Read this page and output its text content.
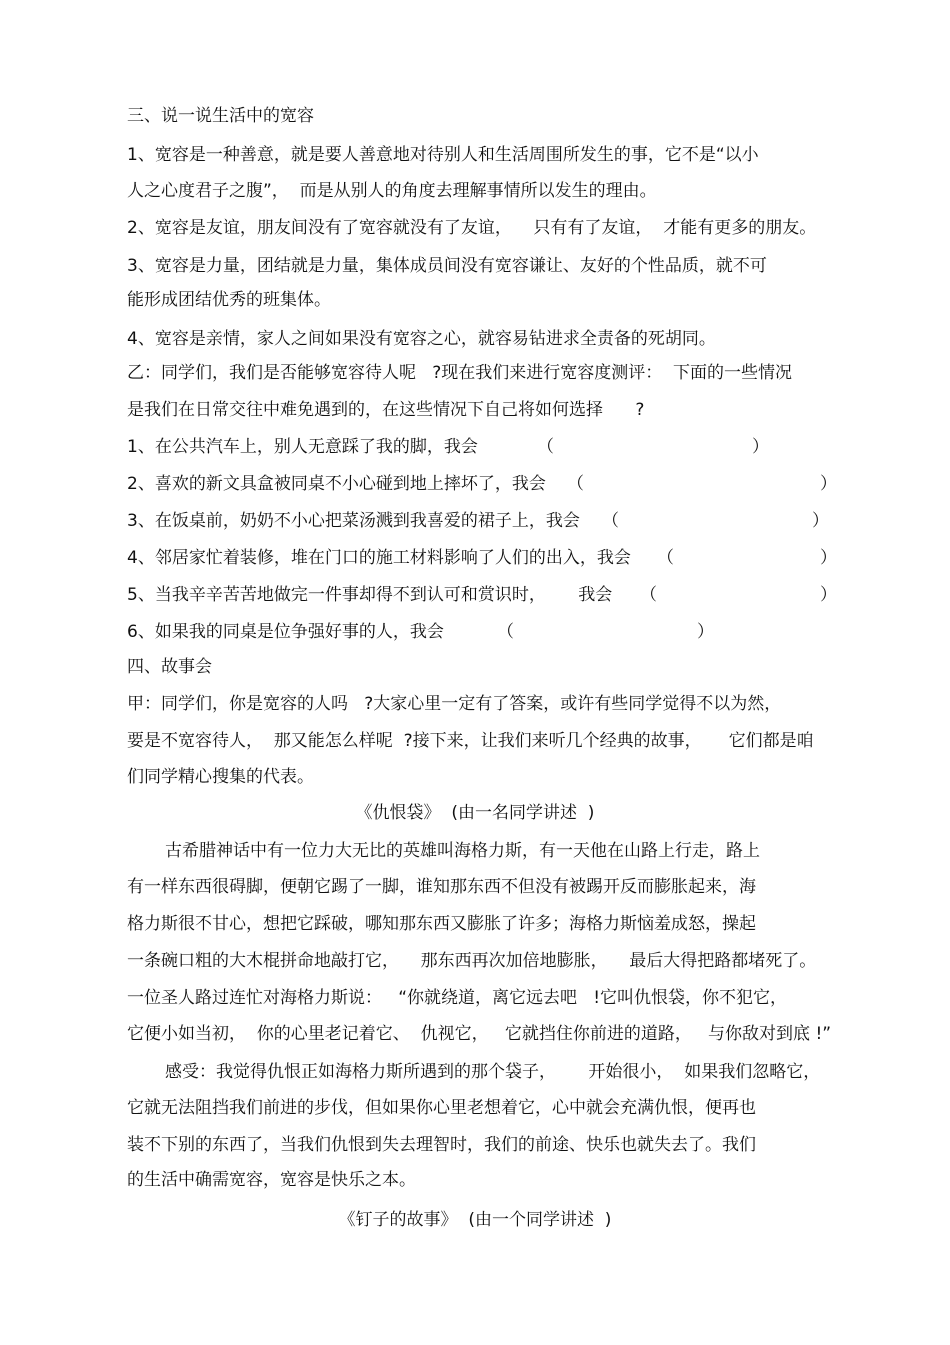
三、说一说生活中的宽容
1、宽容是一种善意，就是要人善意地对待别人和生活周围所发生的事，它不是“以小
人之心度君子之腹”，  而是从别人的角度去理解事情所以发生的理由。
2、宽容是友谊，朋友间没有了宽容就没有了友谊，    只有有了友谊，  才能有更多的朋友。
3、宽容是力量，团结就是力量，集体成员间没有宽容谦让、友好的个性品质，就不可
能形成团结优秀的班集体。
4、宽容是亲情，家人之间如果没有宽容之心，就容易钻进求全责备的死胡同。
乙：同学们，我们是否能够宽容待人呢   ?现在我们来进行宽容度测评：  下面的一些情况
是我们在日常交往中难免遇到的，在这些情况下自己将如何选择      ?
1、在公共汽车上，别人无意踩了我的脚，我会	（	）
2、喜欢的新文具盒被同桌不小心碰到地上摔坏了，我会 （	）
3、在饭桌前，奶奶不小心把菜汤溅到我喜爱的裙子上，我会 （	）
4、邻居家忙着装修，堆在门口的施工材料影响了人们的出入，我会 （	）
5、当我辛辛苦苦地做完一件事却得不到认可和赏识时，      我会 （	）
6、如果我的同桌是位争强好事的人，我会	（	）
四、故事会
甲：同学们，你是宽容的人吗   ?大家心里一定有了答案，或许有些同学觉得不以为然，
要是不宽容待人，  那又能怎么样呢  ?接下来，让我们来听几个经典的故事，     它们都是咱
们同学精心搜集的代表。
《仇恨袋》  (由一名同学讲述  )
古希腊神话中有一位力大无比的英雄叫海格力斯，有一天他在山路上行走，路上
有一样东西很碍脚，便朝它踢了一脚，谁知那东西不但没有被踢开反而膨胀起来，海
格力斯很不甘心，想把它踩破，哪知那东西又膨胀了许多；海格力斯恼羞成怒，操起
一条碗口粗的大木棍拼命地敲打它，    那东西再次加倍地膨胀，    最后大得把路都堵死了。
一位圣人路过连忙对海格力斯说：   “你就绕道，离它远去吧   !它叫仇恨袋，你不犯它，
它便小如当初，  你的心里老记着它、  仇视它，   它就挡住你前进的道路，   与你敌对到底 !”
感受：我觉得仇恨正如海格力斯所遇到的那个袋子，      开始很小，  如果我们忽略它，
它就无法阻挡我们前进的步伐，但如果你心里老想着它，心中就会充满仇恨，便再也
装不下别的东西了，当我们仇恨到失去理智时，我们的前途、快乐也就失去了。我们
的生活中确需宽容，宽容是快乐之本。
《钉子的故事》  (由一个同学讲述  )
